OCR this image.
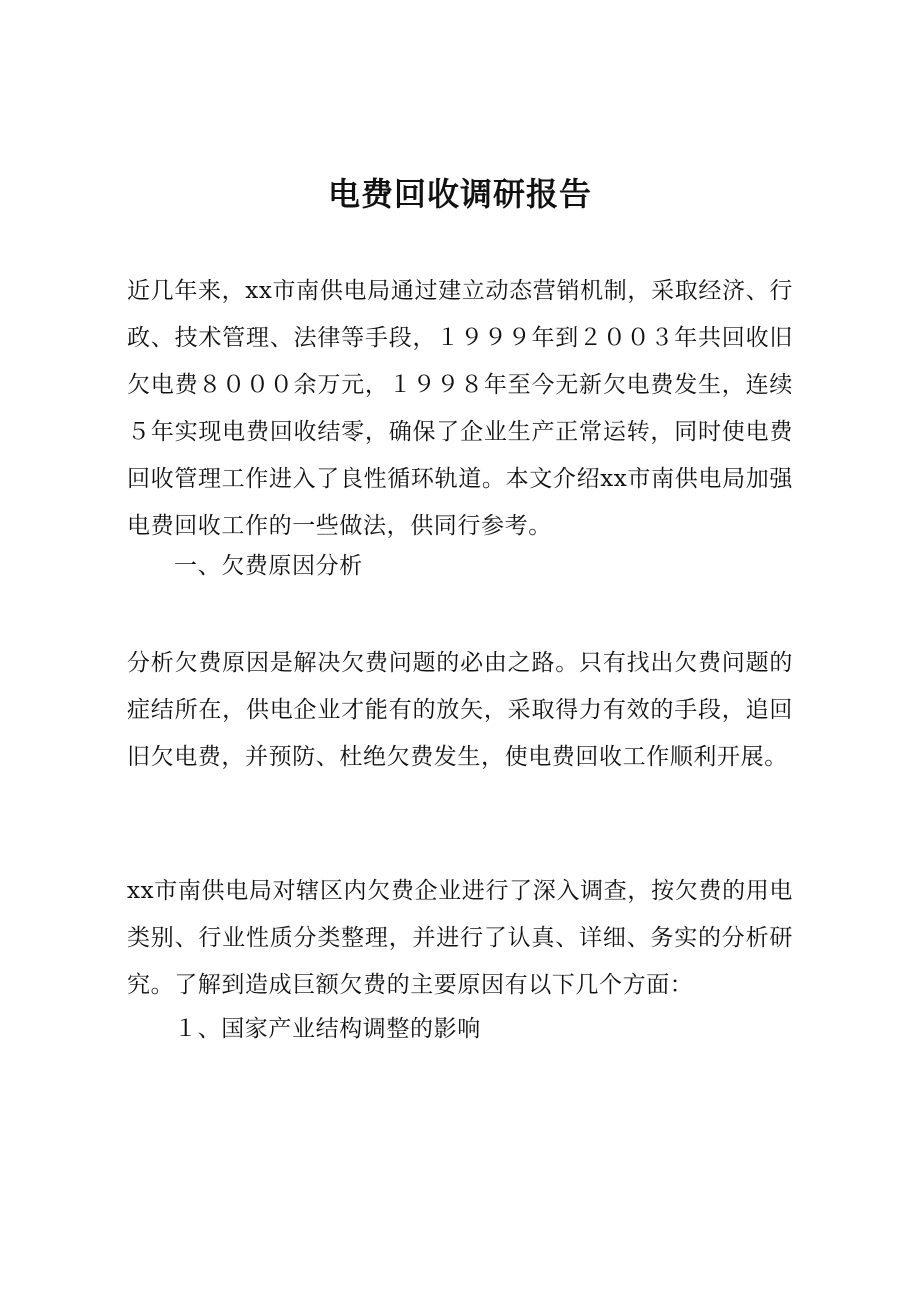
电费回收调研报告

近几年来，xx市南供电局通过建立动态营销机制，采取经济、行政、技术管理、法律等手段，１９９９年到２００３年共回收旧欠电费８０００余万元，１９９８年至今无新欠电费发生，连续５年实现电费回收结零，确保了企业生产正常运转，同时使电费回收管理工作进入了良性循环轨道。本文介绍xx市南供电局加强电费回收工作的一些做法，供同行参考。

一、欠费原因分析

分析欠费原因是解决欠费问题的必由之路。只有找出欠费问题的症结所在，供电企业才能有的放矢，采取得力有效的手段，追回旧欠电费，并预防、杜绝欠费发生，使电费回收工作顺利开展。

xx市南供电局对辖区内欠费企业进行了深入调查，按欠费的用电类别、行业性质分类整理，并进行了认真、详细、务实的分析研究。了解到造成巨额欠费的主要原因有以下几个方面：

１、国家产业结构调整的影响
